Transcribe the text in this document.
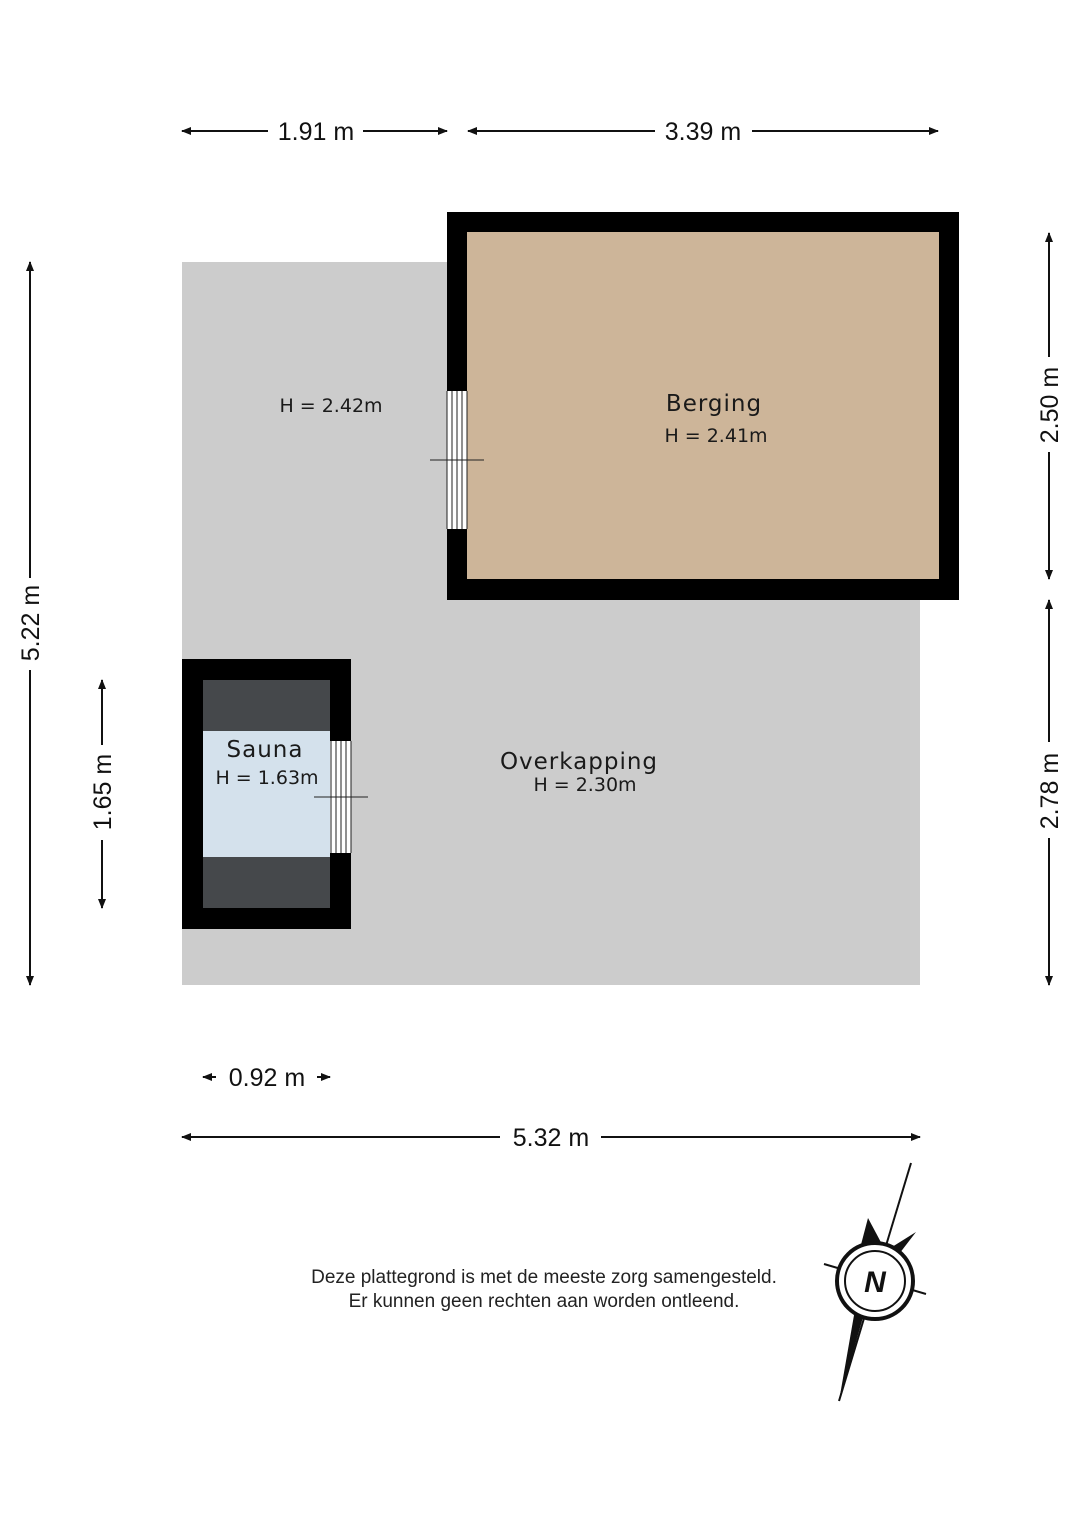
Berging
H = 2.41m
H = 2.42m
Overkapping
H = 2.30m
Sauna
H = 1.63m
1.91 m	3.39 m
5.22 m
1.65 m
2.50 m
2.78 m
0.92 m
5.32 m
Deze plattegrond is met de meeste zorg samengesteld.
Er kunnen geen rechten aan worden ontleend.
N
